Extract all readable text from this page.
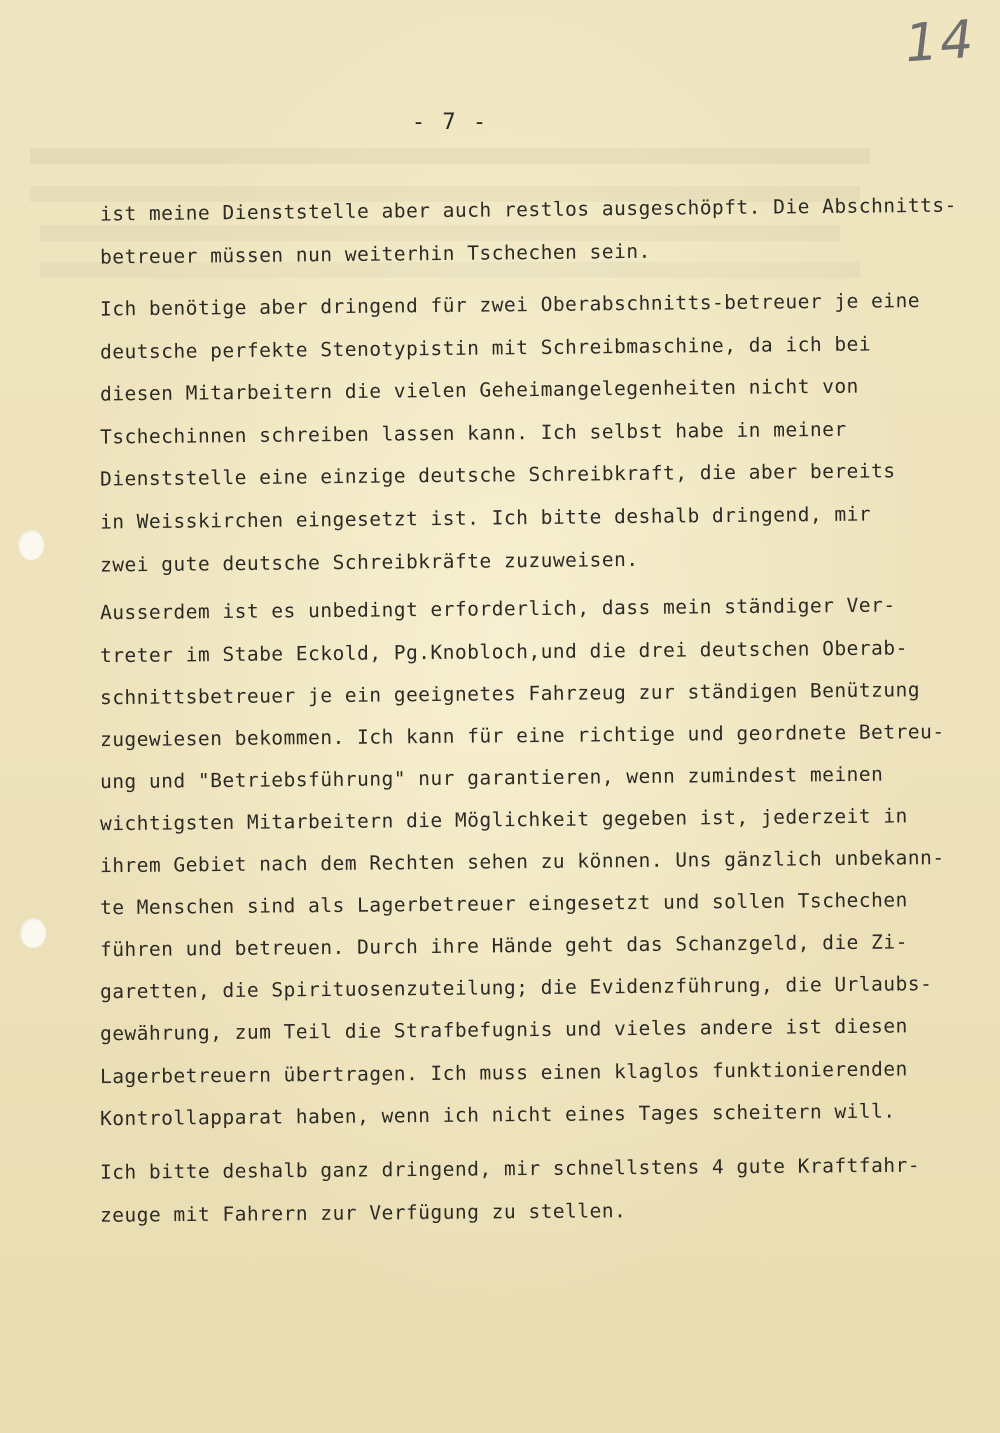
14
- 7 -
ist meine Dienststelle aber auch restlos ausgeschöpft. Die Abschnitts-
betreuer müssen nun weiterhin Tschechen sein.
Ich benötige aber dringend für zwei Oberabschnitts-betreuer je eine
deutsche perfekte Stenotypistin mit Schreibmaschine, da ich bei
diesen Mitarbeitern die vielen Geheimangelegenheiten nicht von
Tschechinnen schreiben lassen kann. Ich selbst habe in meiner
Dienststelle eine einzige deutsche Schreibkraft, die aber bereits
in Weisskirchen eingesetzt ist. Ich bitte deshalb dringend, mir
zwei gute deutsche Schreibkräfte zuzuweisen.
Ausserdem ist es unbedingt erforderlich, dass mein ständiger Ver-
treter im Stabe Eckold, Pg.Knobloch,und die drei deutschen Oberab-
schnittsbetreuer je ein geeignetes Fahrzeug zur ständigen Benützung
zugewiesen bekommen. Ich kann für eine richtige und geordnete Betreu-
ung und "Betriebsführung" nur garantieren, wenn zumindest meinen
wichtigsten Mitarbeitern die Möglichkeit gegeben ist, jederzeit in
ihrem Gebiet nach dem Rechten sehen zu können. Uns gänzlich unbekann-
te Menschen sind als Lagerbetreuer eingesetzt und sollen Tschechen
führen und betreuen. Durch ihre Hände geht das Schanzgeld, die Zi-
garetten, die Spirituosenzuteilung; die Evidenzführung, die Urlaubs-
gewährung, zum Teil die Strafbefugnis und vieles andere ist diesen
Lagerbetreuern übertragen. Ich muss einen klaglos funktionierenden
Kontrollapparat haben, wenn ich nicht eines Tages scheitern will.
Ich bitte deshalb ganz dringend, mir schnellstens 4 gute Kraftfahr-
zeuge mit Fahrern zur Verfügung zu stellen.
